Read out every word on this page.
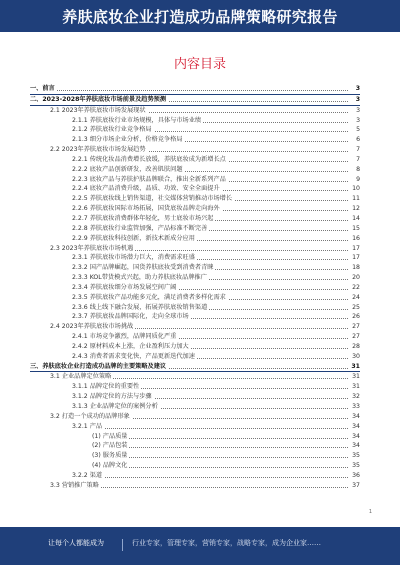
养肤底妆企业打造成功品牌策略研究报告
内容目录
一、前言	3
二、2023-2028年养肤底妆市场前景及趋势预测	3
2.1 2023年养肤底妆市场发展现状	3
2.1.1 养肤底妆行业市场规模，具体与市场业绩	3
2.1.2 养肤底妆行业竞争格局	5
2.1.3 细分市场企业分析，价格竞争格局	6
2.2 2023年养肤底妆市场发展趋势	7
2.2.1 传统化妆品消费增长放缓，养肤底妆成为新增长点	7
2.2.2 底妆产品创新研发，改善肌肤问题	8
2.2.3 底妆产品与养肤护肤品牌联合，推出全新系列产品	9
2.2.4 底妆产品消费升级，品质、功效、安全全面提升	10
2.2.5 养肤底妆线上销售渠道，社交媒体营销推动市场增长	11
2.2.6 养肤底妆国际市场拓展，国货底妆品牌走向海外	12
2.2.7 养肤底妆消费群体年轻化，男士底妆市场兴起	14
2.2.8 养肤底妆行业监管加强，产品标准不断完善	15
2.2.9 养肤底妆科技创新，新技术新成分应用	16
2.3 2023年养肤底妆市场机遇	17
2.3.1 养肤底妆市场潜力巨大，消费需求旺盛	17
2.3.2 国产品牌崛起，国货养肤底妆受到消费者青睐	18
2.3.3 KOL带货模式兴起，助力养肤底妆品牌推广	20
2.3.4 养肤底妆细分市场发展空间广阔	22
2.3.5 养肤底妆产品功能多元化，满足消费者多样化需求	24
2.3.6 线上线下融合发展，拓展养肤底妆销售渠道	25
2.3.7 养肤底妆品牌国际化，走向全球市场	26
2.4 2023年养肤底妆市场挑战	27
2.4.1 市场竞争激烈，品牌同质化严重	27
2.4.2 原材料成本上涨，企业盈利压力加大	28
2.4.3 消费者需求变化快，产品更新迭代加速	30
三、养肤底妆企业打造成功品牌的主要策略及建议	31
3.1 企业品牌定位策略	31
3.1.1 品牌定位的重要性	31
3.1.2 品牌定位的方法与步骤	32
3.1.3 企业品牌定位的案例分析	33
3.2 打造一个成功的品牌形象	34
3.2.1 产品	34
(1) 产品质量	34
(2) 产品包装	34
(3) 服务质量	35
(4) 品牌文化	35
3.2.2 渠道	36
3.3 营销推广策略	37
1
让每个人都能成为	行业专家，管理专家，营销专家，战略专家，成为企业家……
